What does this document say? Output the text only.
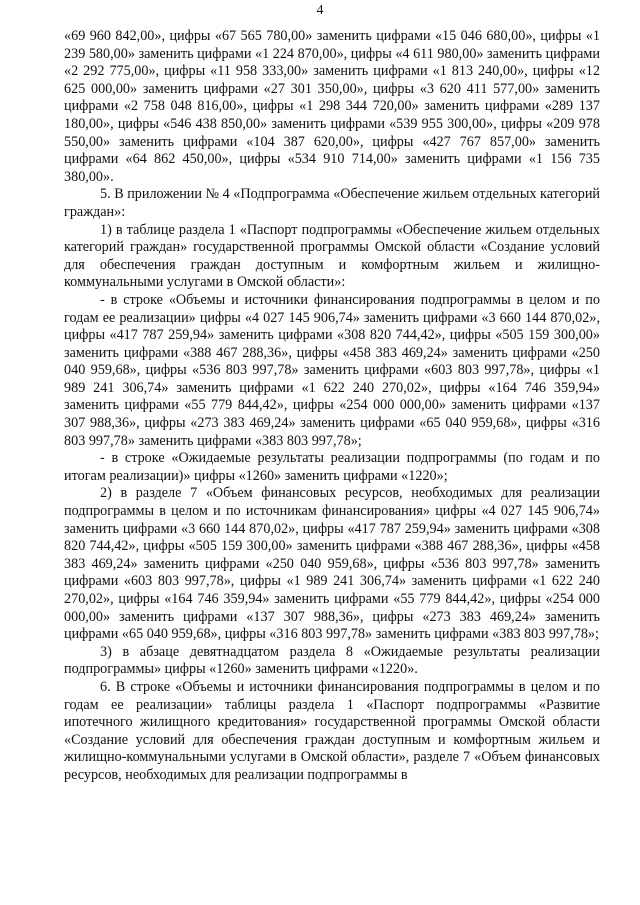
4

«69 960 842,00», цифры «67 565 780,00» заменить цифрами «15 046 680,00», цифры «1 239 580,00» заменить цифрами «1 224 870,00», цифры «4 611 980,00» заменить цифрами «2 292 775,00», цифры «11 958 333,00» заменить цифрами «1 813 240,00», цифры «12 625 000,00» заменить цифрами «27 301 350,00», цифры «3 620 411 577,00» заменить цифрами «2 758 048 816,00», цифры «1 298 344 720,00» заменить цифрами «289 137 180,00», цифры «546 438 850,00» заменить цифрами «539 955 300,00», цифры «209 978 550,00» заменить цифрами «104 387 620,00», цифры «427 767 857,00» заменить цифрами «64 862 450,00», цифры «534 910 714,00» заменить цифрами «1 156 735 380,00».

5. В приложении № 4 «Подпрограмма «Обеспечение жильем отдельных категорий граждан»:

1) в таблице раздела 1 «Паспорт подпрограммы «Обеспечение жильем отдельных категорий граждан» государственной программы Омской области «Создание условий для обеспечения граждан доступным и комфортным жильем и жилищно-коммунальными услугами в Омской области»:

- в строке «Объемы и источники финансирования подпрограммы в целом и по годам ее реализации» цифры «4 027 145 906,74» заменить цифрами «3 660 144 870,02», цифры «417 787 259,94» заменить цифрами «308 820 744,42», цифры «505 159 300,00» заменить цифрами «388 467 288,36», цифры «458 383 469,24» заменить цифрами «250 040 959,68», цифры «536 803 997,78» заменить цифрами «603 803 997,78», цифры «1 989 241 306,74» заменить цифрами «1 622 240 270,02», цифры «164 746 359,94» заменить цифрами «55 779 844,42», цифры «254 000 000,00» заменить цифрами «137 307 988,36», цифры «273 383 469,24» заменить цифрами «65 040 959,68», цифры «316 803 997,78» заменить цифрами «383 803 997,78»;

- в строке «Ожидаемые результаты реализации подпрограммы (по годам и по итогам реализации)» цифры «1260» заменить цифрами «1220»;

2) в разделе 7 «Объем финансовых ресурсов, необходимых для реализации подпрограммы в целом и по источникам финансирования» цифры «4 027 145 906,74» заменить цифрами «3 660 144 870,02», цифры «417 787 259,94» заменить цифрами «308 820 744,42», цифры «505 159 300,00» заменить цифрами «388 467 288,36», цифры «458 383 469,24» заменить цифрами «250 040 959,68», цифры «536 803 997,78» заменить цифрами «603 803 997,78», цифры «1 989 241 306,74» заменить цифрами «1 622 240 270,02», цифры «164 746 359,94» заменить цифрами «55 779 844,42», цифры «254 000 000,00» заменить цифрами «137 307 988,36», цифры «273 383 469,24» заменить цифрами «65 040 959,68», цифры «316 803 997,78» заменить цифрами «383 803 997,78»;

3) в абзаце девятнадцатом раздела 8 «Ожидаемые результаты реализации подпрограммы» цифры «1260» заменить цифрами «1220».

6. В строке «Объемы и источники финансирования подпрограммы в целом и по годам ее реализации» таблицы раздела 1 «Паспорт подпрограммы «Развитие ипотечного жилищного кредитования» государственной программы Омской области «Создание условий для обеспечения граждан доступным и комфортным жильем и жилищно-коммунальными услугами в Омской области», разделе 7 «Объем финансовых ресурсов, необходимых для реализации подпрограммы в
